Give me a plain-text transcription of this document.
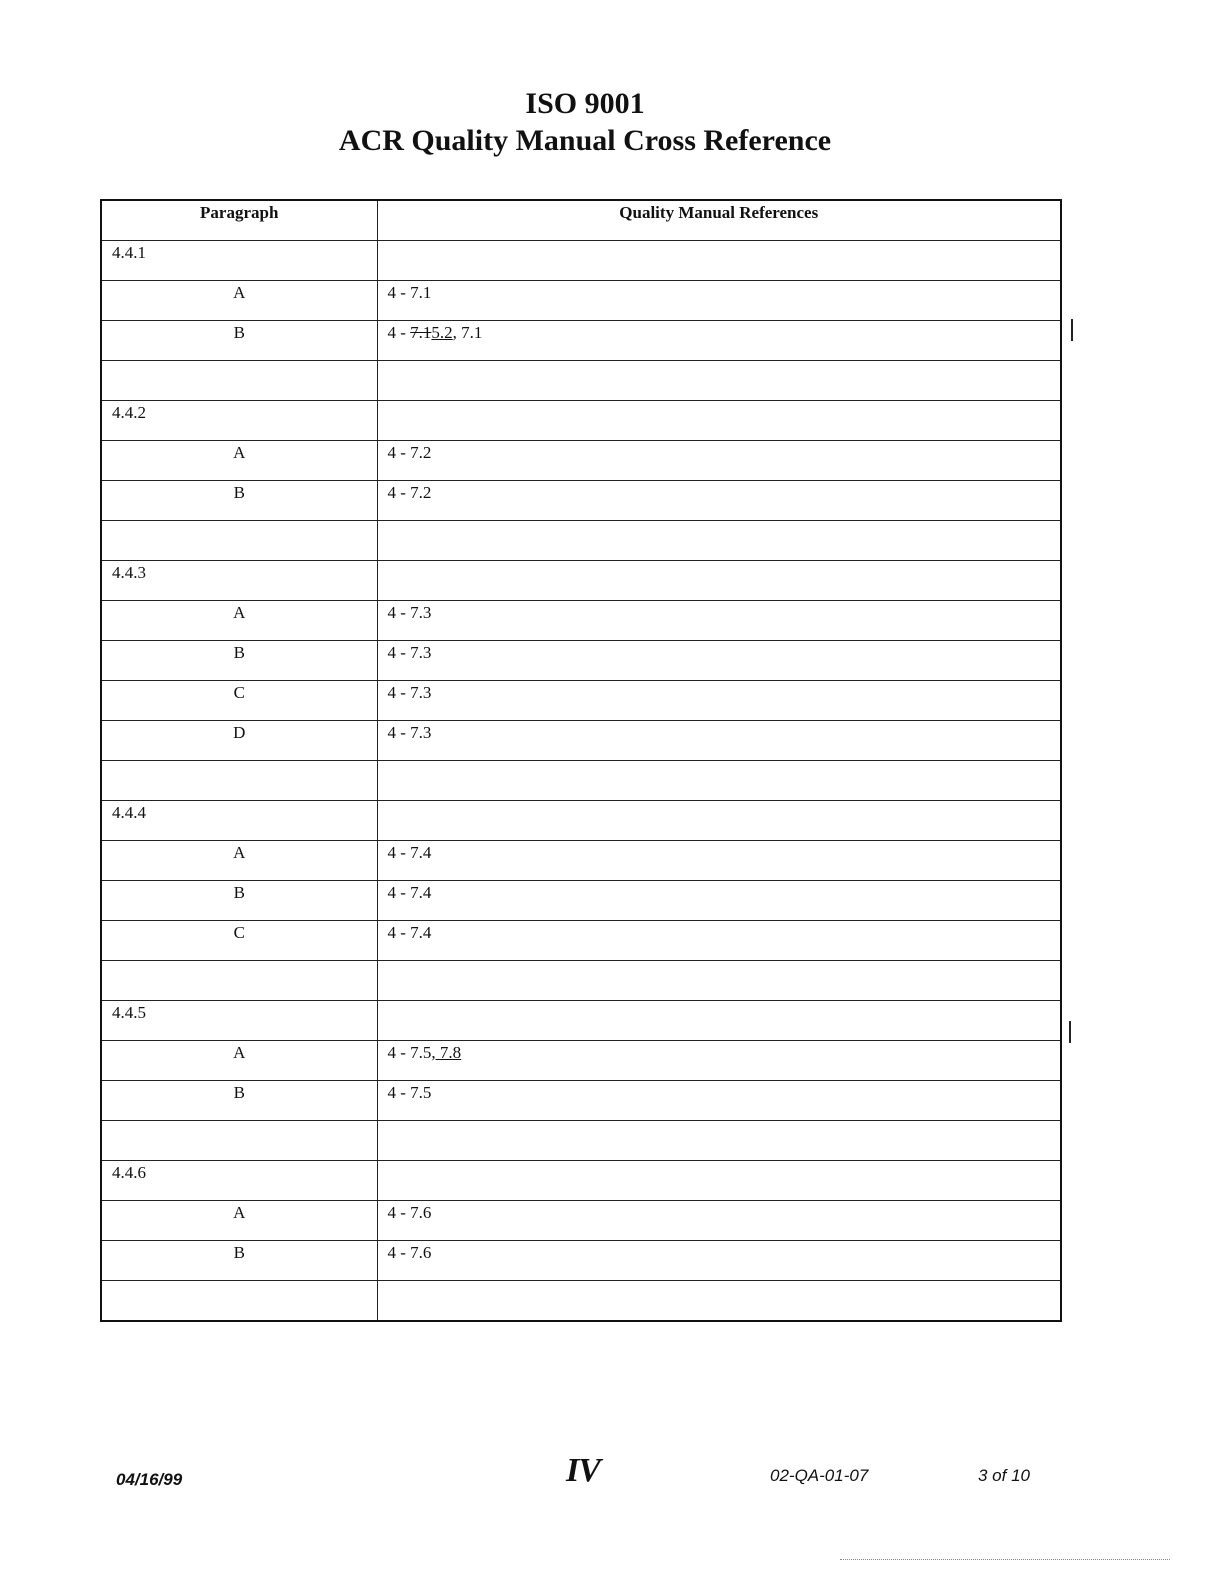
ISO 9001
ACR Quality Manual Cross Reference
Paragraph	Quality Manual References
4.4.1	
A	4 - 7.1
B	4 - 7.15.2, 7.1

4.4.2	
A	4 - 7.2
B	4 - 7.2

4.4.3	
A	4 - 7.3
B	4 - 7.3
C	4 - 7.3
D	4 - 7.3

4.4.4	
A	4 - 7.4
B	4 - 7.4
C	4 - 7.4

4.4.5	
A	4 - 7.5, 7.8
B	4 - 7.5

4.4.6	
A	4 - 7.6
B	4 - 7.6

04/16/99	IV	02-QA-01-07	3 of 10
